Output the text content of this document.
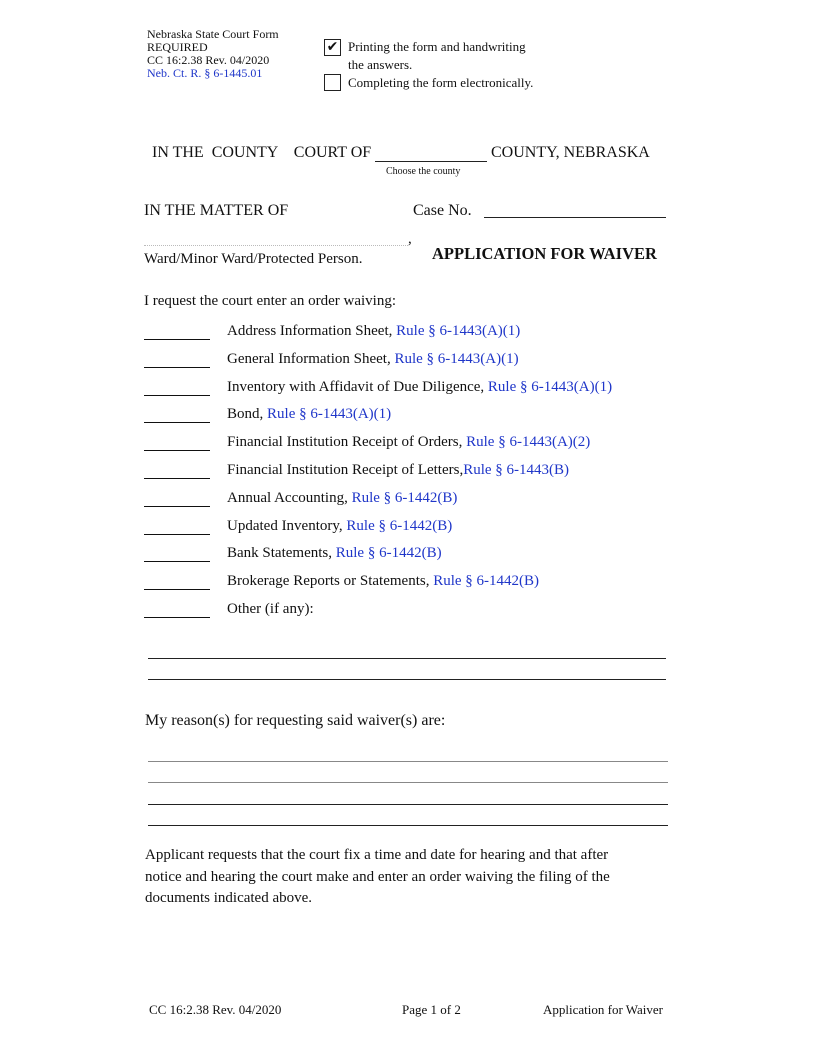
Nebraska State Court Form
REQUIRED
CC 16:2.38 Rev. 04/2020
Neb. Ct. R. § 6-1445.01
✔ Printing the form and handwriting
the answers.
Completing the form electronically.
IN THE  COUNTY    COURT OF	COUNTY, NEBRASKA
Choose the county
IN THE MATTER OF	Case No.
,
Ward/Minor Ward/Protected Person.	APPLICATION FOR WAIVER
I request the court enter an order waiving:
Address Information Sheet, Rule § 6-1443(A)(1)
General Information Sheet, Rule § 6-1443(A)(1)
Inventory with Affidavit of Due Diligence, Rule § 6-1443(A)(1)
Bond, Rule § 6-1443(A)(1)
Financial Institution Receipt of Orders, Rule § 6-1443(A)(2)
Financial Institution Receipt of Letters,Rule § 6-1443(B)
Annual Accounting, Rule § 6-1442(B)
Updated Inventory, Rule § 6-1442(B)
Bank Statements, Rule § 6-1442(B)
Brokerage Reports or Statements, Rule § 6-1442(B)
Other (if any):
My reason(s) for requesting said waiver(s) are:
Applicant requests that the court fix a time and date for hearing and that after
notice and hearing the court make and enter an order waiving the filing of the
documents indicated above.
CC 16:2.38 Rev. 04/2020	Page 1 of 2	Application for Waiver
